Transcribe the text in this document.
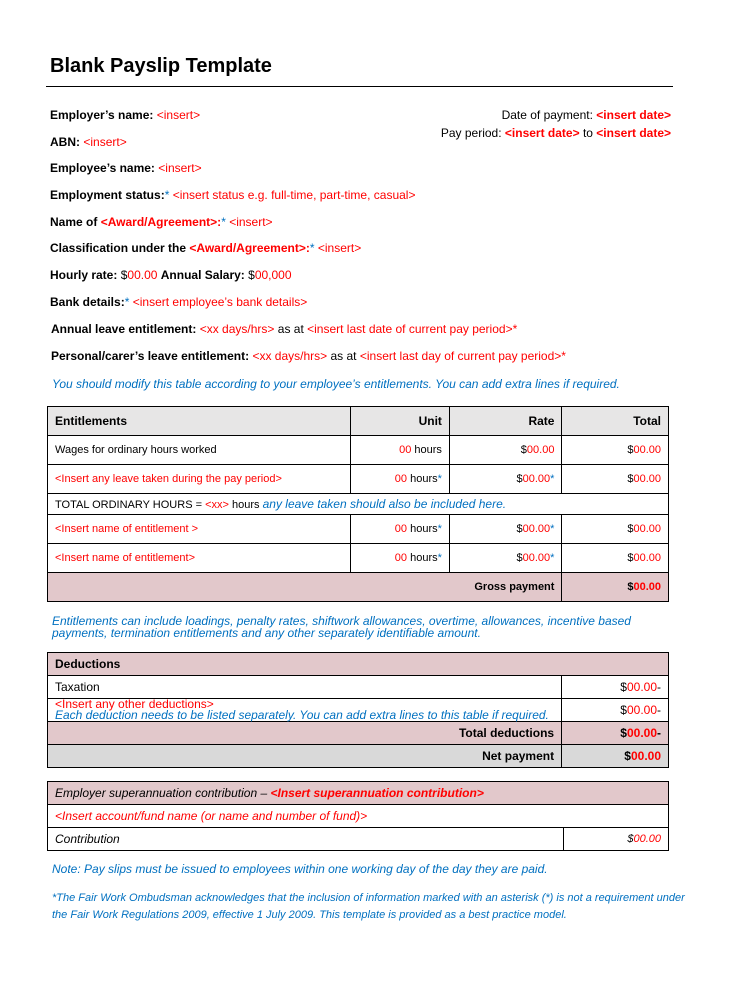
Blank Payslip Template
Employer’s name: <insert>
ABN: <insert>
Employee’s name: <insert>
Employment status:* <insert status e.g. full-time, part-time, casual>
Name of <Award/Agreement>:* <insert>
Classification under the <Award/Agreement>:* <insert>
Hourly rate: $00.00 Annual Salary: $00,000
Bank details:* <insert employee’s bank details>
Annual leave entitlement: <xx days/hrs> as at <insert last date of current pay period>*
Personal/carer’s leave entitlement: <xx days/hrs> as at <insert last day of current pay period>*
Date of payment: <insert date>
Pay period: <insert date> to <insert date>
You should modify this table according to your employee’s entitlements. You can add extra lines if required.
Entitlements	Unit	Rate	Total
Wages for ordinary hours worked	00 hours	$00.00	$00.00
<Insert any leave taken during the pay period>	00 hours*	$00.00*	$00.00
TOTAL ORDINARY HOURS = <xx> hours any leave taken should also be included here.			
<Insert name of entitlement >	00 hours*	$00.00*	$00.00
<Insert name of entitlement>	00 hours*	$00.00*	$00.00
Gross payment			$00.00
Entitlements can include loadings, penalty rates, shiftwork allowances, overtime, allowances, incentive based payments, termination entitlements and any other separately identifiable amount.
Deductions	
Taxation	$00.00-
<Insert any other deductions>
Each deduction needs to be listed separately. You can add extra lines to this table if required.	$00.00-
Total deductions	$00.00-
Net payment	$00.00
Employer superannuation contribution – <Insert superannuation contribution>
<Insert account/fund name (or name and number of fund)>
Contribution	$00.00
Note: Pay slips must be issued to employees within one working day of the day they are paid.
*The Fair Work Ombudsman acknowledges that the inclusion of information marked with an asterisk (*) is not a requirement under the Fair Work Regulations 2009, effective 1 July 2009. This template is provided as a best practice model.
